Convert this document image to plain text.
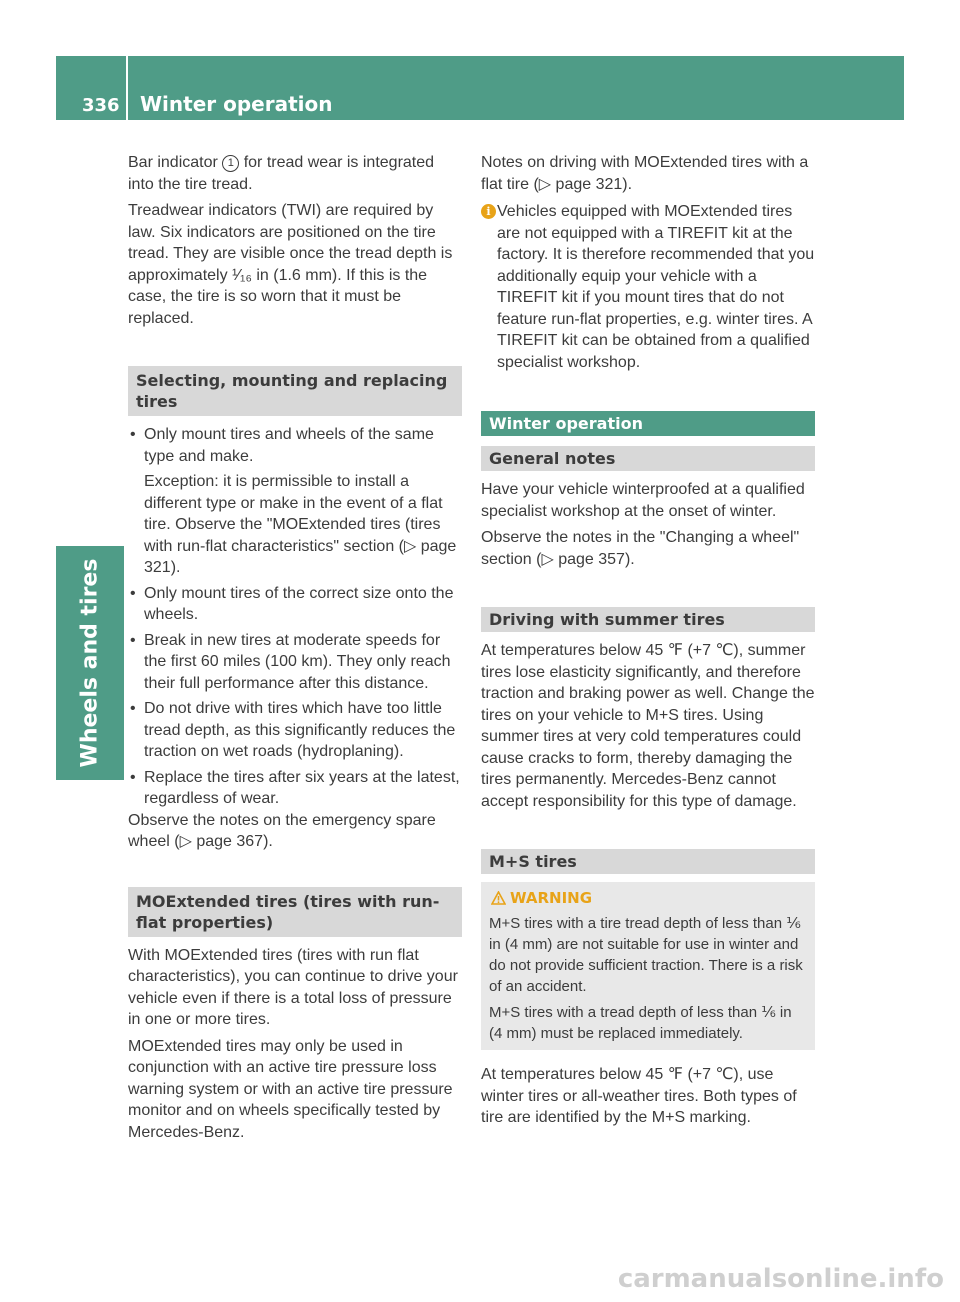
336 Winter operation
Wheels and tires

Bar indicator 1 for tread wear is integrated into the tire tread.

Treadwear indicators (TWI) are required by law. Six indicators are positioned on the tire tread. They are visible once the tread depth is approximately ¹⁄₁₆ in (1.6 mm). If this is the case, the tire is so worn that it must be replaced.

Selecting, mounting and replacing tires

• Only mount tires and wheels of the same type and make.

Exception: it is permissible to install a different type or make in the event of a flat tire. Observe the "MOExtended tires (tires with run-flat characteristics" section (▷ page 321).

• Only mount tires of the correct size onto the wheels.

• Break in new tires at moderate speeds for the first 60 miles (100 km). They only reach their full performance after this distance.

• Do not drive with tires which have too little tread depth, as this significantly reduces the traction on wet roads (hydroplaning).

• Replace the tires after six years at the latest, regardless of wear.

Observe the notes on the emergency spare wheel (▷ page 367).

MOExtended tires (tires with run-flat properties)

With MOExtended tires (tires with run flat characteristics), you can continue to drive your vehicle even if there is a total loss of pressure in one or more tires.

MOExtended tires may only be used in conjunction with an active tire pressure loss warning system or with an active tire pressure monitor and on wheels specifically tested by Mercedes-Benz.

Notes on driving with MOExtended tires with a flat tire (▷ page 321).

i Vehicles equipped with MOExtended tires are not equipped with a TIREFIT kit at the factory. It is therefore recommended that you additionally equip your vehicle with a TIREFIT kit if you mount tires that do not feature run-flat properties, e.g. winter tires. A TIREFIT kit can be obtained from a qualified specialist workshop.
Winter operation
General notes

Have your vehicle winterproofed at a qualified specialist workshop at the onset of winter.

Observe the notes in the "Changing a wheel" section (▷ page 357).

Driving with summer tires

At temperatures below 45 ℉ (+7 ℃), summer tires lose elasticity significantly, and therefore traction and braking power as well. Change the tires on your vehicle to M+S tires. Using summer tires at very cold temperatures could cause cracks to form, thereby damaging the tires permanently. Mercedes-Benz cannot accept responsibility for this type of damage.

M+S tires
WARNING

M+S tires with a tire tread depth of less than ⅙ in (4 mm) are not suitable for use in winter and do not provide sufficient traction. There is a risk of an accident.

M+S tires with a tread depth of less than ⅙ in (4 mm) must be replaced immediately.

At temperatures below 45 ℉ (+7 ℃), use winter tires or all-weather tires. Both types of tire are identified by the M+S marking.

carmanualsonline.info
